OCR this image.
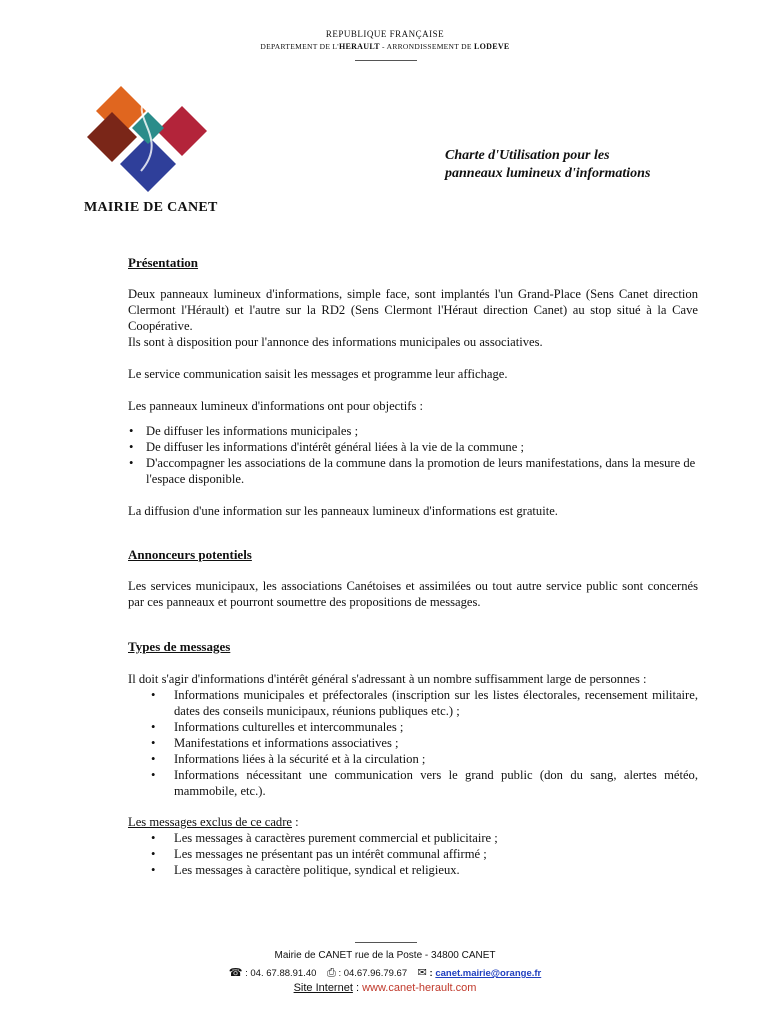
REPUBLIQUE FRANÇAISE
DEPARTEMENT DE L'HERAULT - ARRONDISSEMENT DE LODEVE
MAIRIE DE CANET
Charte d'Utilisation pour les
panneaux lumineux d'informations

Présentation

Deux panneaux lumineux d'informations, simple face, sont implantés l'un Grand-Place (Sens Canet direction Clermont l'Hérault) et l'autre sur la RD2 (Sens Clermont l'Héraut direction Canet) au stop situé à la Cave Coopérative.

Ils sont à disposition pour l'annonce des informations municipales ou associatives.

Le service communication saisit les messages et programme leur affichage.

Les panneaux lumineux d'informations ont pour objectifs :

• De diffuser les informations municipales ;
• De diffuser les informations d'intérêt général liées à la vie de la commune ;
• D'accompagner les associations de la commune dans la promotion de leurs manifestations, dans la mesure de l'espace disponible.

La diffusion d'une information sur les panneaux lumineux d'informations est gratuite.

Annonceurs potentiels

Les services municipaux, les associations Canétoises et assimilées ou tout autre service public sont concernés par ces panneaux et pourront soumettre des propositions de messages.

Types de messages

Il doit s'agir d'informations d'intérêt général s'adressant à un nombre suffisamment large de personnes :

• Informations municipales et préfectorales (inscription sur les listes électorales, recensement militaire, dates des conseils municipaux, réunions publiques etc.) ;
• Informations culturelles et intercommunales ;
• Manifestations et informations associatives ;
• Informations liées à la sécurité et à la circulation ;
• Informations nécessitant une communication vers le grand public (don du sang, alertes météo, mammobile, etc.).

Les messages exclus de ce cadre :

• Les messages à caractères purement commercial et publicitaire ;
• Les messages ne présentant pas un intérêt communal affirmé ;
• Les messages à caractère politique, syndical et religieux.
Mairie de CANET rue de la Poste - 34800 CANET
☎ : 04. 67.88.91.40 ⎙ : 04.67.96.79.67 ✉ : canet.mairie@orange.fr
Site Internet : www.canet-herault.com
